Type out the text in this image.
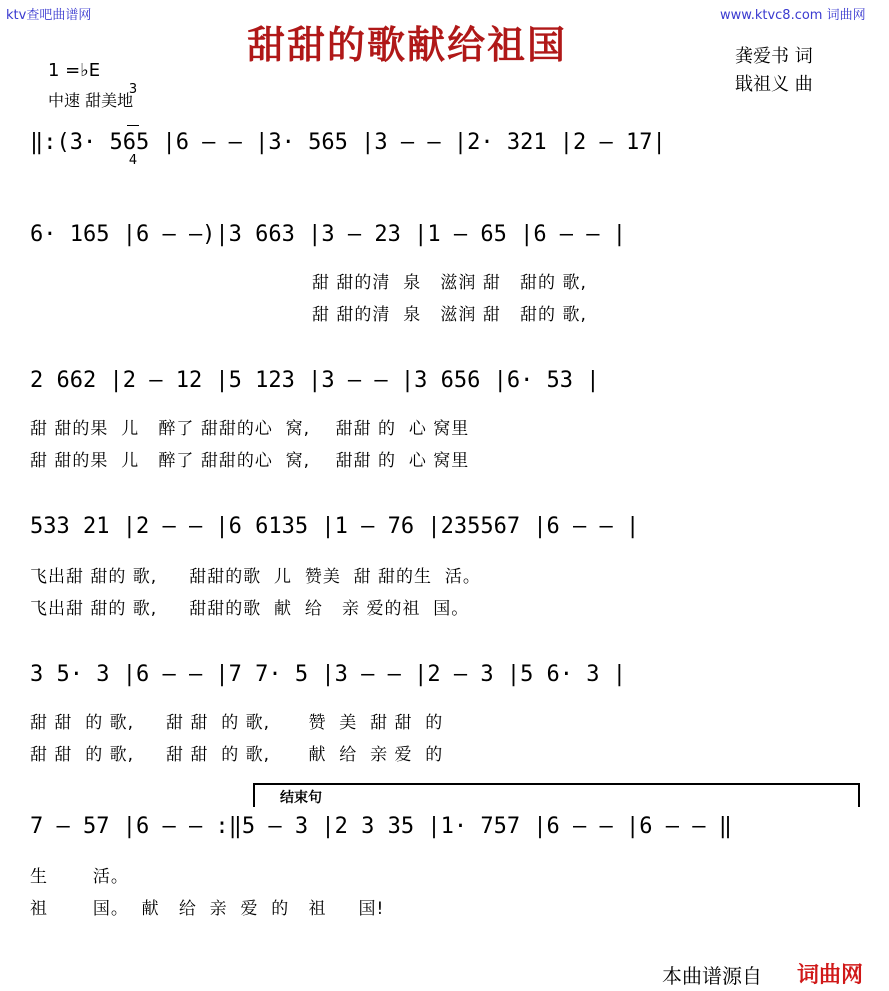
ktv查吧曲谱网	www.ktvc8.com 词曲网
甜甜的歌献给祖国
1 =♭E

3

4

中速 甜美地
龚爱书 词
戢祖义 曲
‖:(3· 565 |6 — — |3· 565 |3 — — |2· 321 |2 — 17|
6· 165 |6 — —)|3 663 |3 — 23 |1 — 65 |6 — — |
甜 甜的清  泉   滋润 甜   甜的 歌,
甜 甜的清  泉   滋润 甜   甜的 歌,
2 662 |2 — 12 |5 123 |3 — — |3 656 |6· 53 |
甜 甜的果  儿   醉了 甜甜的心  窝,    甜甜 的  心 窝里
甜 甜的果  儿   醉了 甜甜的心  窝,    甜甜 的  心 窝里
533 21 |2 — — |6 6135 |1 — 76 |235567 |6 — — |
飞出甜 甜的 歌,     甜甜的歌  儿  赞美  甜 甜的生  活。
飞出甜 甜的 歌,     甜甜的歌  献  给   亲 爱的祖  国。
3 5· 3 |6 — — |7 7· 5 |3 — — |2 — 3 |5 6· 3 |
甜 甜  的 歌,     甜 甜  的 歌,      赞  美  甜 甜  的
甜 甜  的 歌,     甜 甜  的 歌,      献  给  亲 爱  的
结束句
7 — 57 |6 — — :‖5 — 3 |2 3 35 |1· 757 |6 — — |6 — — ‖
生       活。
祖       国。  献   给  亲  爱  的   祖     国!
本曲谱源自 词曲网
